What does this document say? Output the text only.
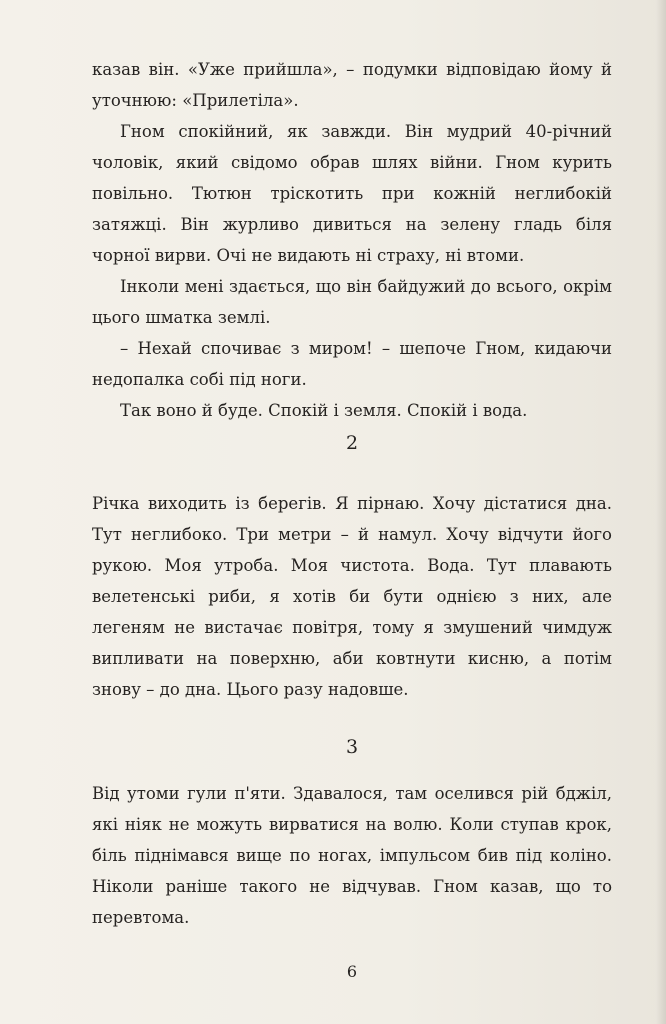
казав він. «Уже прийшла», – подумки відповідаю йому й уточнюю: «Прилетіла».

Гном спокійний, як завжди. Він мудрий 40-річний чоловік, який свідомо обрав шлях війни. Гном курить повільно. Тютюн тріскотить при кожній неглибокій затяжці. Він журливо дивиться на зелену гладь біля чорної вирви. Очі не видають ні страху, ні втоми.

Інколи мені здається, що він байдужий до всього, окрім цього шматка землі.

– Нехай спочиває з миром! – шепоче Гном, кидаючи недопалка собі під ноги.

Так воно й буде. Спокій і земля. Спокій і вода.

2

Річка виходить із берегів. Я пірнаю. Хочу дістатися дна. Тут неглибоко. Три метри – й намул. Хочу відчути його рукою. Моя утроба. Моя чистота. Вода. Тут плавають велетенські риби, я хотів би бути однією з них, але легеням не вистачає повітря, тому я змушений чимдуж випливати на поверхню, аби ковтнути кисню, а потім знову – до дна. Цього разу надовше.

3

Від утоми гули п'яти. Здавалося, там оселився рій бджіл, які ніяк не можуть вирватися на волю. Коли ступав крок, біль піднімався вище по ногах, імпульсом бив під коліно. Ніколи раніше такого не відчував. Гном казав, що то перевтома.

6
